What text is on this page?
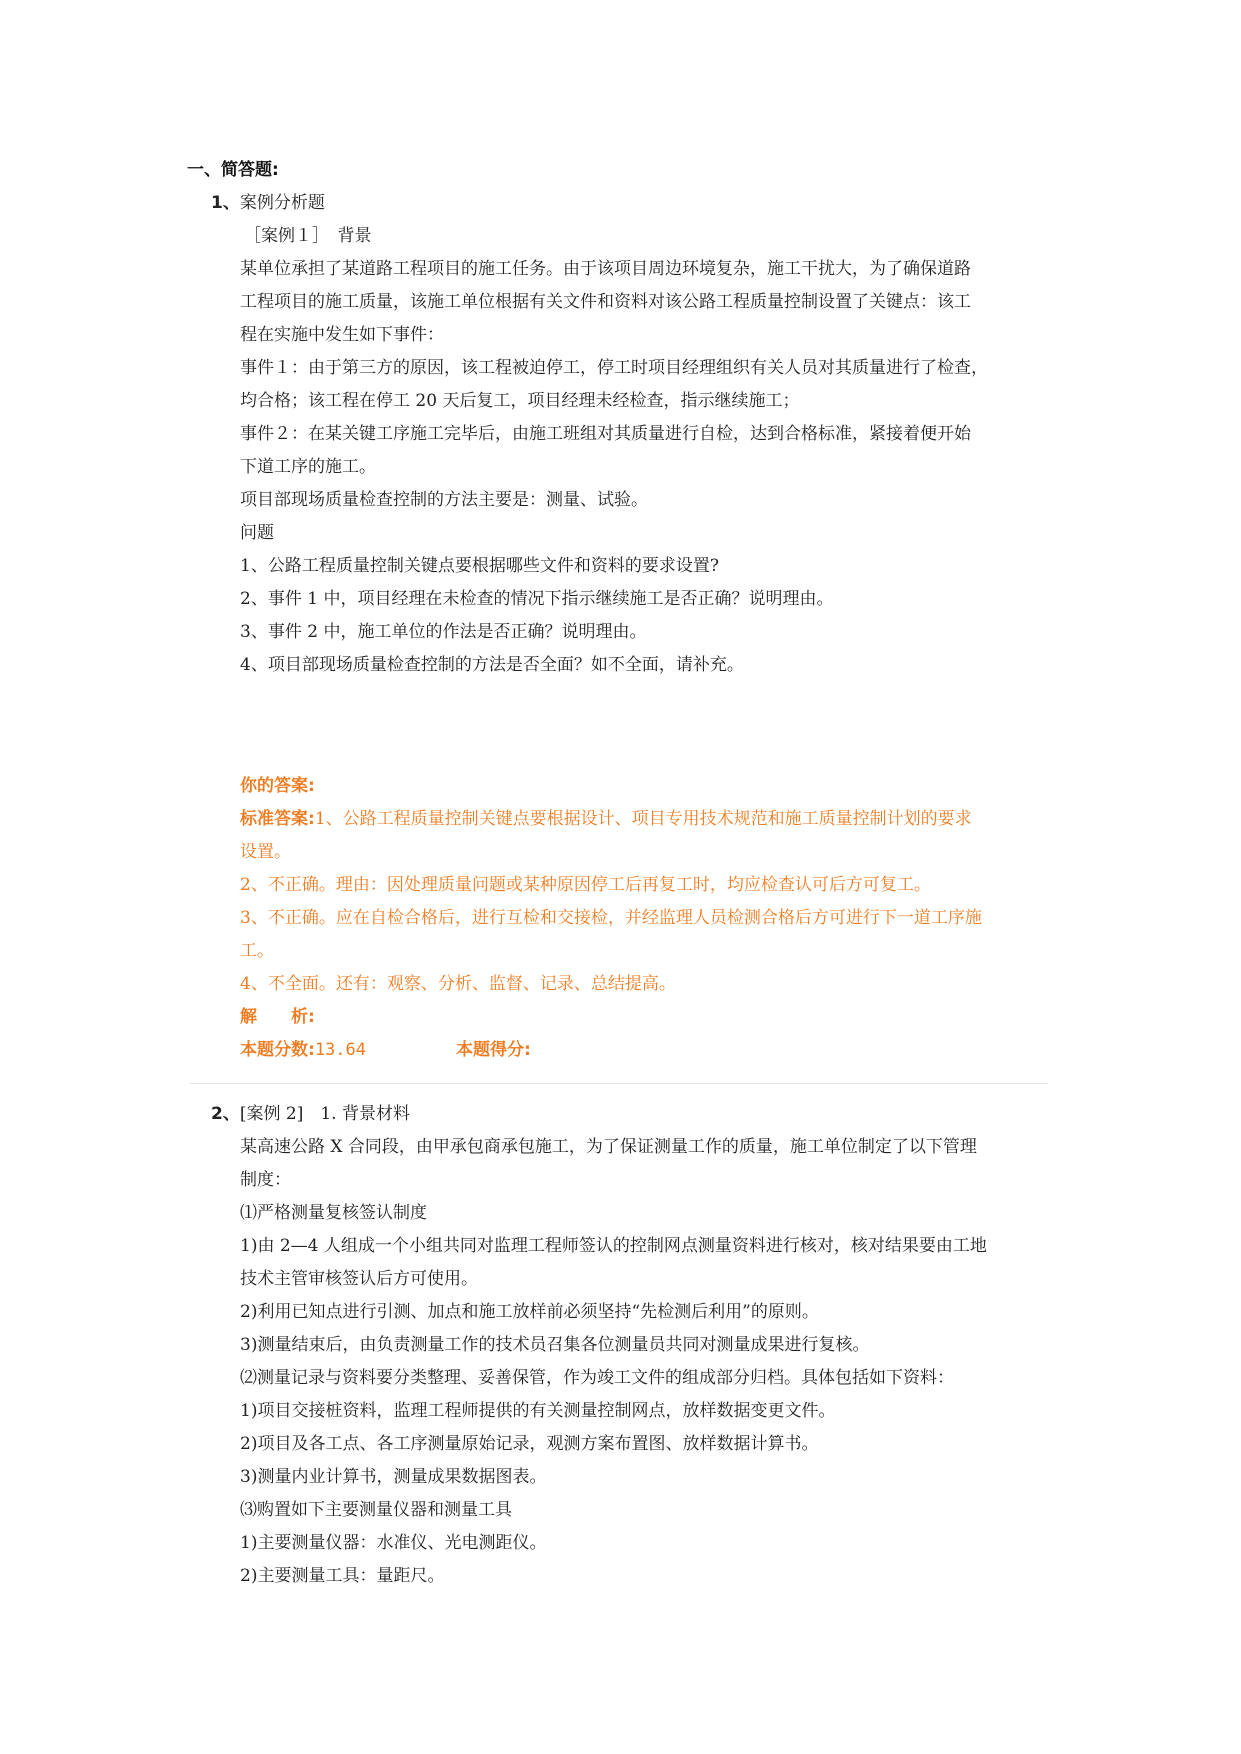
一、简答题:
1、案例分析题
［案例１］　背景
某单位承担了某道路工程项目的施工任务。由于该项目周边环境复杂，施工干扰大，为了确保道路
工程项目的施工质量，该施工单位根据有关文件和资料对该公路工程质量控制设置了关键点：该工
程在实施中发生如下事件：
事件１：由于第三方的原因，该工程被迫停工，停工时项目经理组织有关人员对其质量进行了检查，
均合格；该工程在停工 20 天后复工，项目经理未经检查，指示继续施工；
事件２：在某关键工序施工完毕后，由施工班组对其质量进行自检，达到合格标准，紧接着便开始
下道工序的施工。
项目部现场质量检查控制的方法主要是：测量、试验。
问题
1、公路工程质量控制关键点要根据哪些文件和资料的要求设置?
2、事件 1 中，项目经理在未检查的情况下指示继续施工是否正确？说明理由。
3、事件 2 中，施工单位的作法是否正确？说明理由。
4、项目部现场质量检查控制的方法是否全面？如不全面，请补充。
你的答案:
标准答案:1、公路工程质量控制关键点要根据设计、项目专用技术规范和施工质量控制计划的要求
设置。
2、不正确。理由：因处理质量问题或某种原因停工后再复工时，均应检查认可后方可复工。
3、不正确。应在自检合格后，进行互检和交接检，并经监理人员检测合格后方可进行下一道工序施
工。
4、不全面。还有：观察、分析、监督、记录、总结提高。
解　　析:
本题分数:13.64	本题得分:
2、[案例 2]　1. 背景材料
某高速公路 X 合同段，由甲承包商承包施工，为了保证测量工作的质量，施工单位制定了以下管理
制度：
⑴严格测量复核签认制度
1)由 2—4 人组成一个小组共同对监理工程师签认的控制网点测量资料进行核对，核对结果要由工地
技术主管审核签认后方可使用。
2)利用已知点进行引测、加点和施工放样前必须坚持“先检测后利用”的原则。
3)测量结束后，由负责测量工作的技术员召集各位测量员共同对测量成果进行复核。
⑵测量记录与资料要分类整理、妥善保管，作为竣工文件的组成部分归档。具体包括如下资料：
1)项目交接桩资料，监理工程师提供的有关测量控制网点，放样数据变更文件。
2)项目及各工点、各工序测量原始记录，观测方案布置图、放样数据计算书。
3)测量内业计算书，测量成果数据图表。
⑶购置如下主要测量仪器和测量工具
1)主要测量仪器：水准仪、光电测距仪。
2)主要测量工具：量距尺。
